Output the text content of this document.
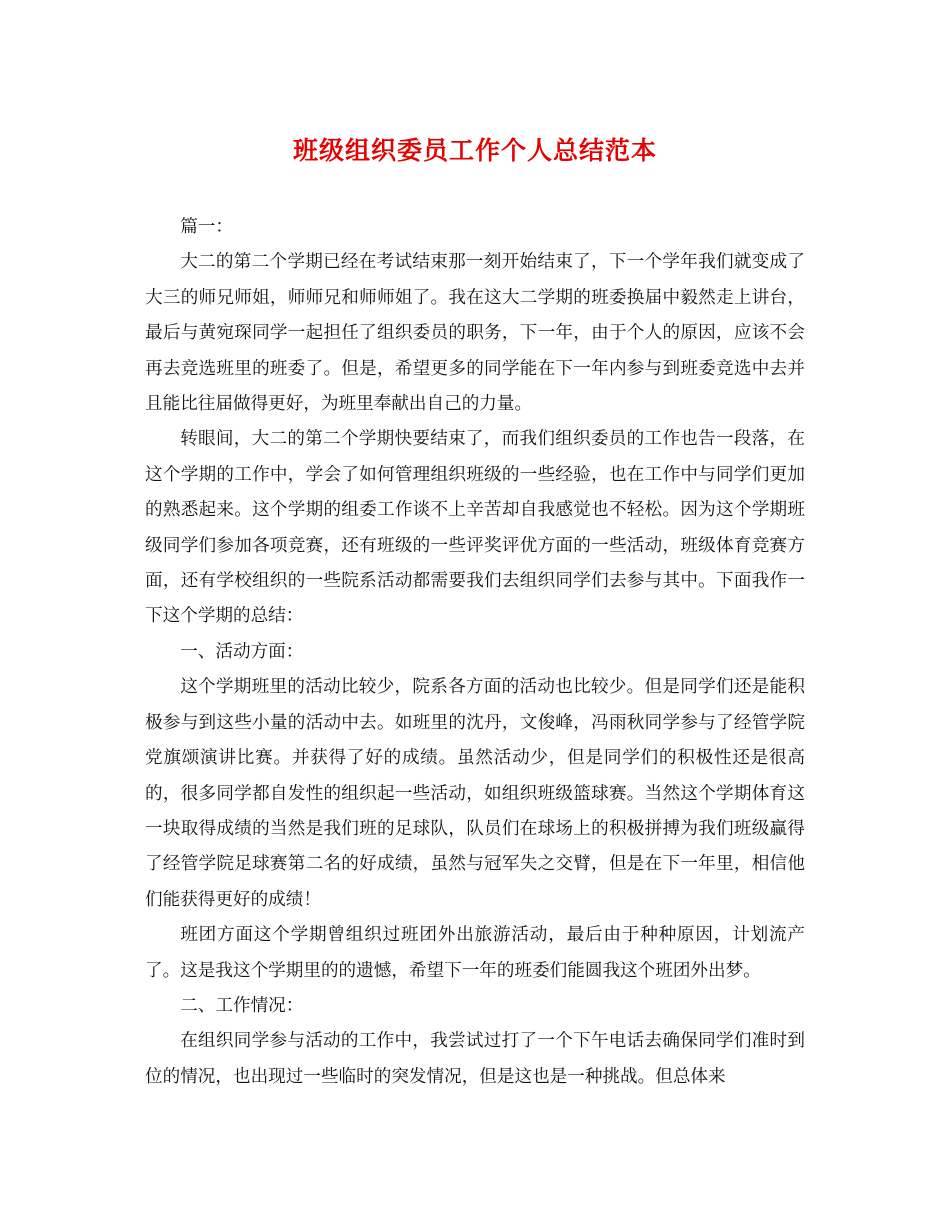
班级组织委员工作个人总结范本

篇一：

大二的第二个学期已经在考试结束那一刻开始结束了，下一个学年我们就变成了大三的师兄师姐，师师兄和师师姐了。我在这大二学期的班委换届中毅然走上讲台，最后与黄宛琛同学一起担任了组织委员的职务，下一年，由于个人的原因，应该不会再去竞选班里的班委了。但是，希望更多的同学能在下一年内参与到班委竞选中去并且能比往届做得更好，为班里奉献出自己的力量。

转眼间，大二的第二个学期快要结束了，而我们组织委员的工作也告一段落，在这个学期的工作中，学会了如何管理组织班级的一些经验，也在工作中与同学们更加的熟悉起来。这个学期的组委工作谈不上辛苦却自我感觉也不轻松。因为这个学期班级同学们参加各项竞赛，还有班级的一些评奖评优方面的一些活动，班级体育竞赛方面，还有学校组织的一些院系活动都需要我们去组织同学们去参与其中。下面我作一下这个学期的总结：

一、活动方面：

这个学期班里的活动比较少，院系各方面的活动也比较少。但是同学们还是能积极参与到这些小量的活动中去。如班里的沈丹，文俊峰，冯雨秋同学参与了经管学院党旗颂演讲比赛。并获得了好的成绩。虽然活动少，但是同学们的积极性还是很高的，很多同学都自发性的组织起一些活动，如组织班级篮球赛。当然这个学期体育这一块取得成绩的当然是我们班的足球队，队员们在球场上的积极拼搏为我们班级赢得了经管学院足球赛第二名的好成绩，虽然与冠军失之交臂，但是在下一年里，相信他们能获得更好的成绩！

班团方面这个学期曾组织过班团外出旅游活动，最后由于种种原因，计划流产了。这是我这个学期里的的遗憾，希望下一年的班委们能圆我这个班团外出梦。

二、工作情况：

在组织同学参与活动的工作中，我尝试过打了一个下午电话去确保同学们准时到位的情况，也出现过一些临时的突发情况，但是这也是一种挑战。但总体来
